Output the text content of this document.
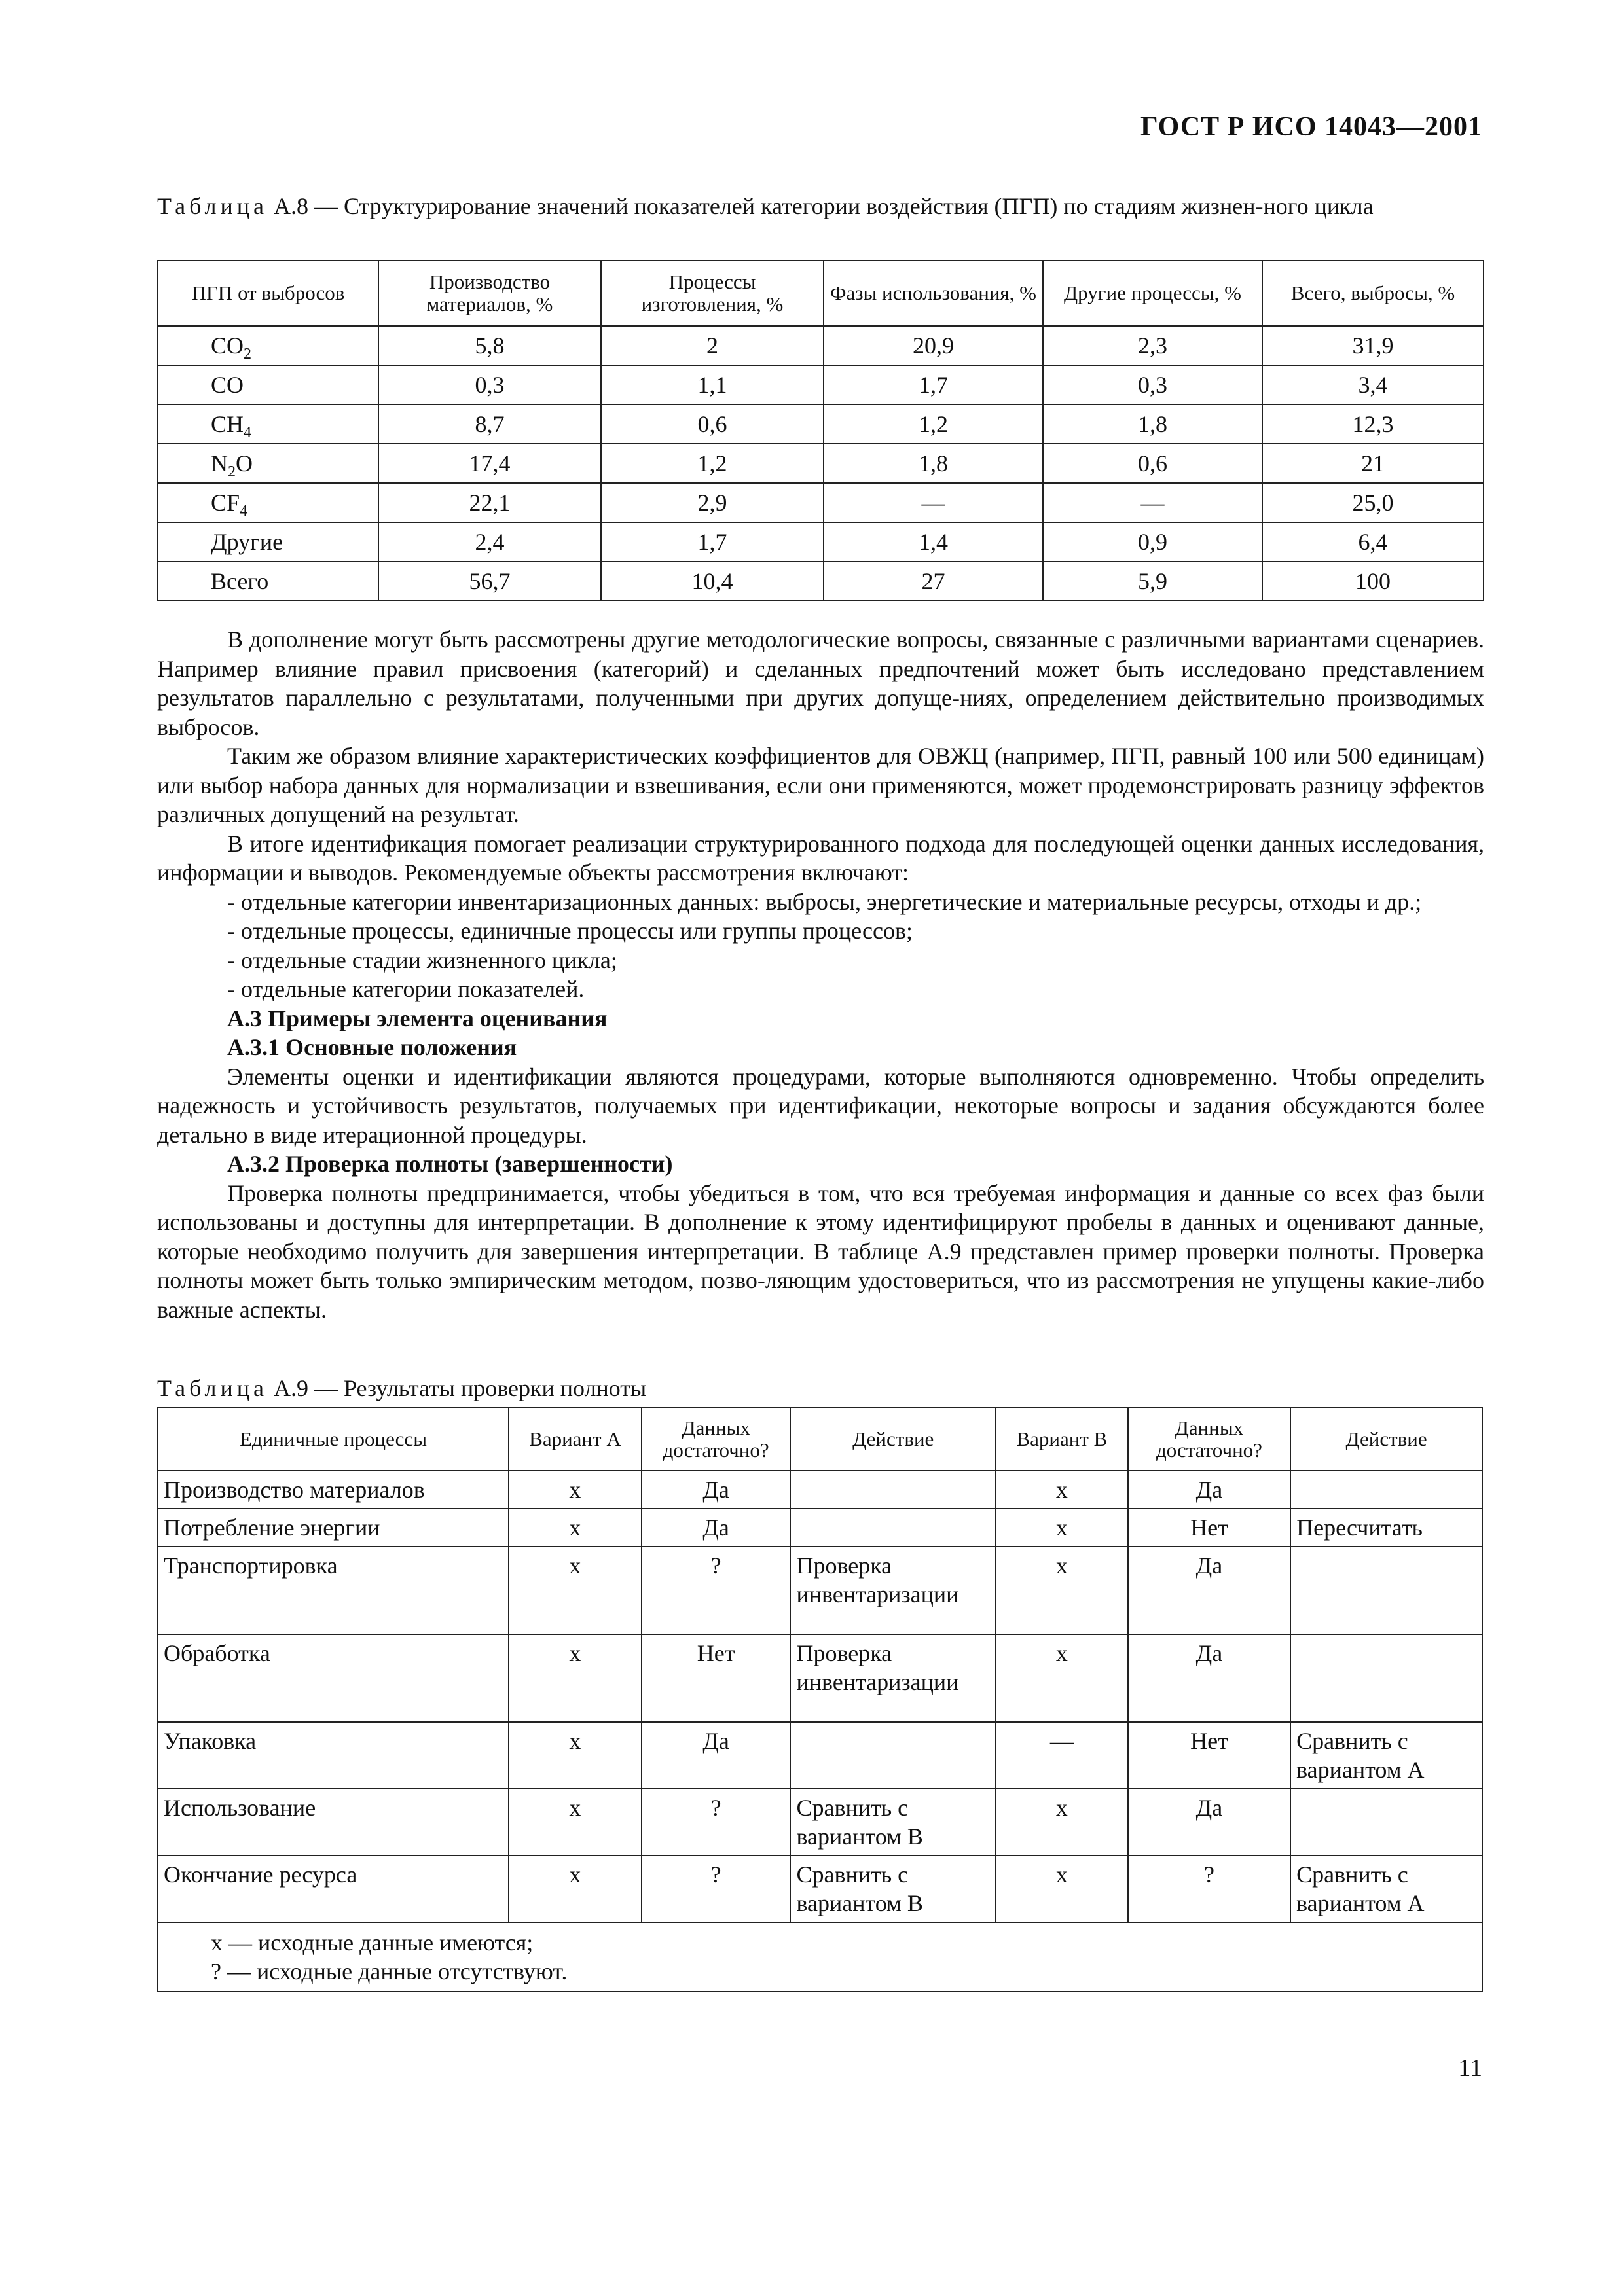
ГОСТ Р ИСО 14043—2001
Таблица А.8 — Структурирование значений показателей категории воздействия (ПГП) по стадиям жизнен-ного цикла
ПГП от выбросов	Производство материалов, %	Процессы изготовления, %	Фазы использования, %	Другие процессы, %	Всего, выбросы, %
$CO_2$	5,8	2	20,9	2,3	31,9
CO	0,3	1,1	1,7	0,3	3,4
$CH_4$	8,7	0,6	1,2	1,8	12,3
$N_2O$	17,4	1,2	1,8	0,6	21
$CF_4$	22,1	2,9	—	—	25,0
Другие	2,4	1,7	1,4	0,9	6,4
Всего	56,7	10,4	27	5,9	100

В дополнение могут быть рассмотрены другие методологические вопросы, связанные с различными вариантами сценариев. Например влияние правил присвоения (категорий) и сделанных предпочтений может быть исследовано представлением результатов параллельно с результатами, полученными при других допуще-ниях, определением действительно производимых выбросов.

Таким же образом влияние характеристических коэффициентов для ОВЖЦ (например, ПГП, равный 100 или 500 единицам) или выбор набора данных для нормализации и взвешивания, если они применяются, может продемонстрировать разницу эффектов различных допущений на результат.

В итоге идентификация помогает реализации структурированного подхода для последующей оценки данных исследования, информации и выводов. Рекомендуемые объекты рассмотрения включают:

- отдельные категории инвентаризационных данных: выбросы, энергетические и материальные ресурсы, отходы и др.;

- отдельные процессы, единичные процессы или группы процессов;

- отдельные стадии жизненного цикла;

- отдельные категории показателей.

А.3 Примеры элемента оценивания

А.3.1 Основные положения

Элементы оценки и идентификации являются процедурами, которые выполняются одновременно. Чтобы определить надежность и устойчивость результатов, получаемых при идентификации, некоторые вопросы и задания обсуждаются более детально в виде итерационной процедуры.

А.3.2 Проверка полноты (завершенности)

Проверка полноты предпринимается, чтобы убедиться в том, что вся требуемая информация и данные со всех фаз были использованы и доступны для интерпретации. В дополнение к этому идентифицируют пробелы в данных и оценивают данные, которые необходимо получить для завершения интерпретации. В таблице А.9 представлен пример проверки полноты. Проверка полноты может быть только эмпирическим методом, позво-ляющим удостовериться, что из рассмотрения не упущены какие-либо важные аспекты.

Таблица А.9 — Результаты проверки полноты
Единичные процессы	Вариант А	Данных достаточно?	Действие	Вариант В	Данных достаточно?	Действие
Производство материалов	х	Да		х	Да	
Потребление энергии	х	Да		х	Нет	Пересчитать
Транспортировка	х	?	Проверка инвентаризации	х	Да	
Обработка	х	Нет	Проверка инвентаризации	х	Да	
Упаковка	х	Да		—	Нет	Сравнить с вариантом А
Использование	х	?	Сравнить с вариантом В	х	Да	
Окончание ресурса	х	?	Сравнить с вариантом В	х	?	Сравнить с вариантом А

х — исходные данные имеются;
? — исходные данные отсутствуют.						
11
